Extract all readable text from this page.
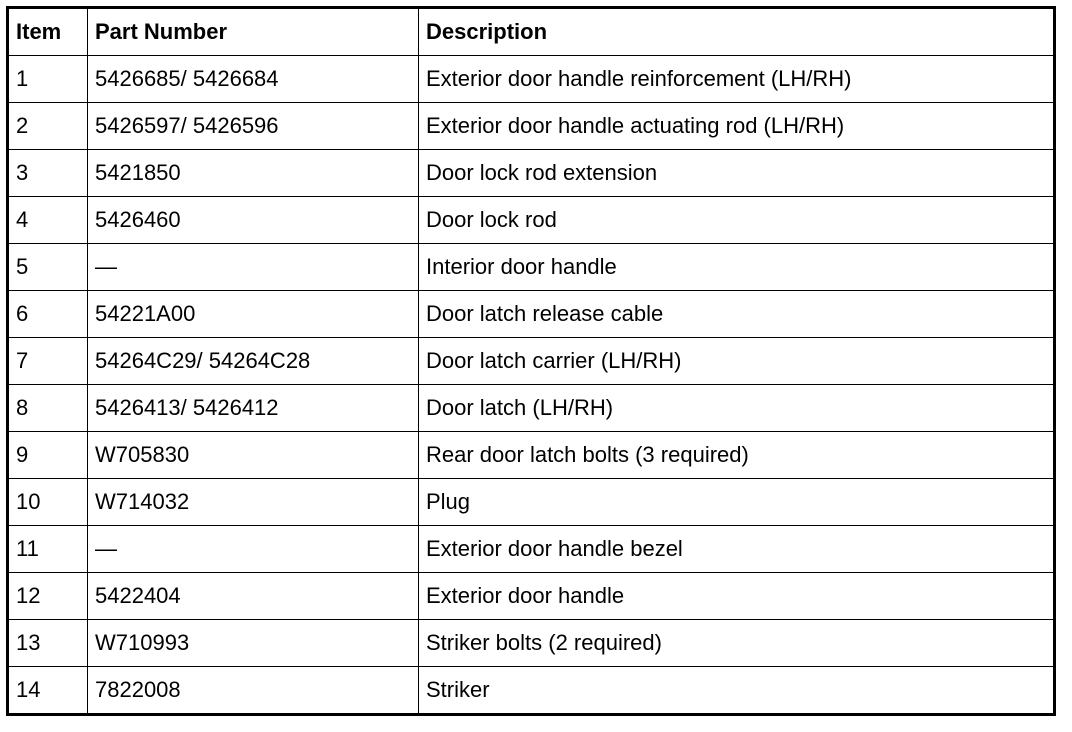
Item	Part Number	Description
1	5426685/ 5426684	Exterior door handle reinforcement (LH/RH)
2	5426597/ 5426596	Exterior door handle actuating rod (LH/RH)
3	5421850	Door lock rod extension
4	5426460	Door lock rod
5	—	Interior door handle
6	54221A00	Door latch release cable
7	54264C29/ 54264C28	Door latch carrier (LH/RH)
8	5426413/ 5426412	Door latch (LH/RH)
9	W705830	Rear door latch bolts (3 required)
10	W714032	Plug
11	—	Exterior door handle bezel
12	5422404	Exterior door handle
13	W710993	Striker bolts (2 required)
14	7822008	Striker
